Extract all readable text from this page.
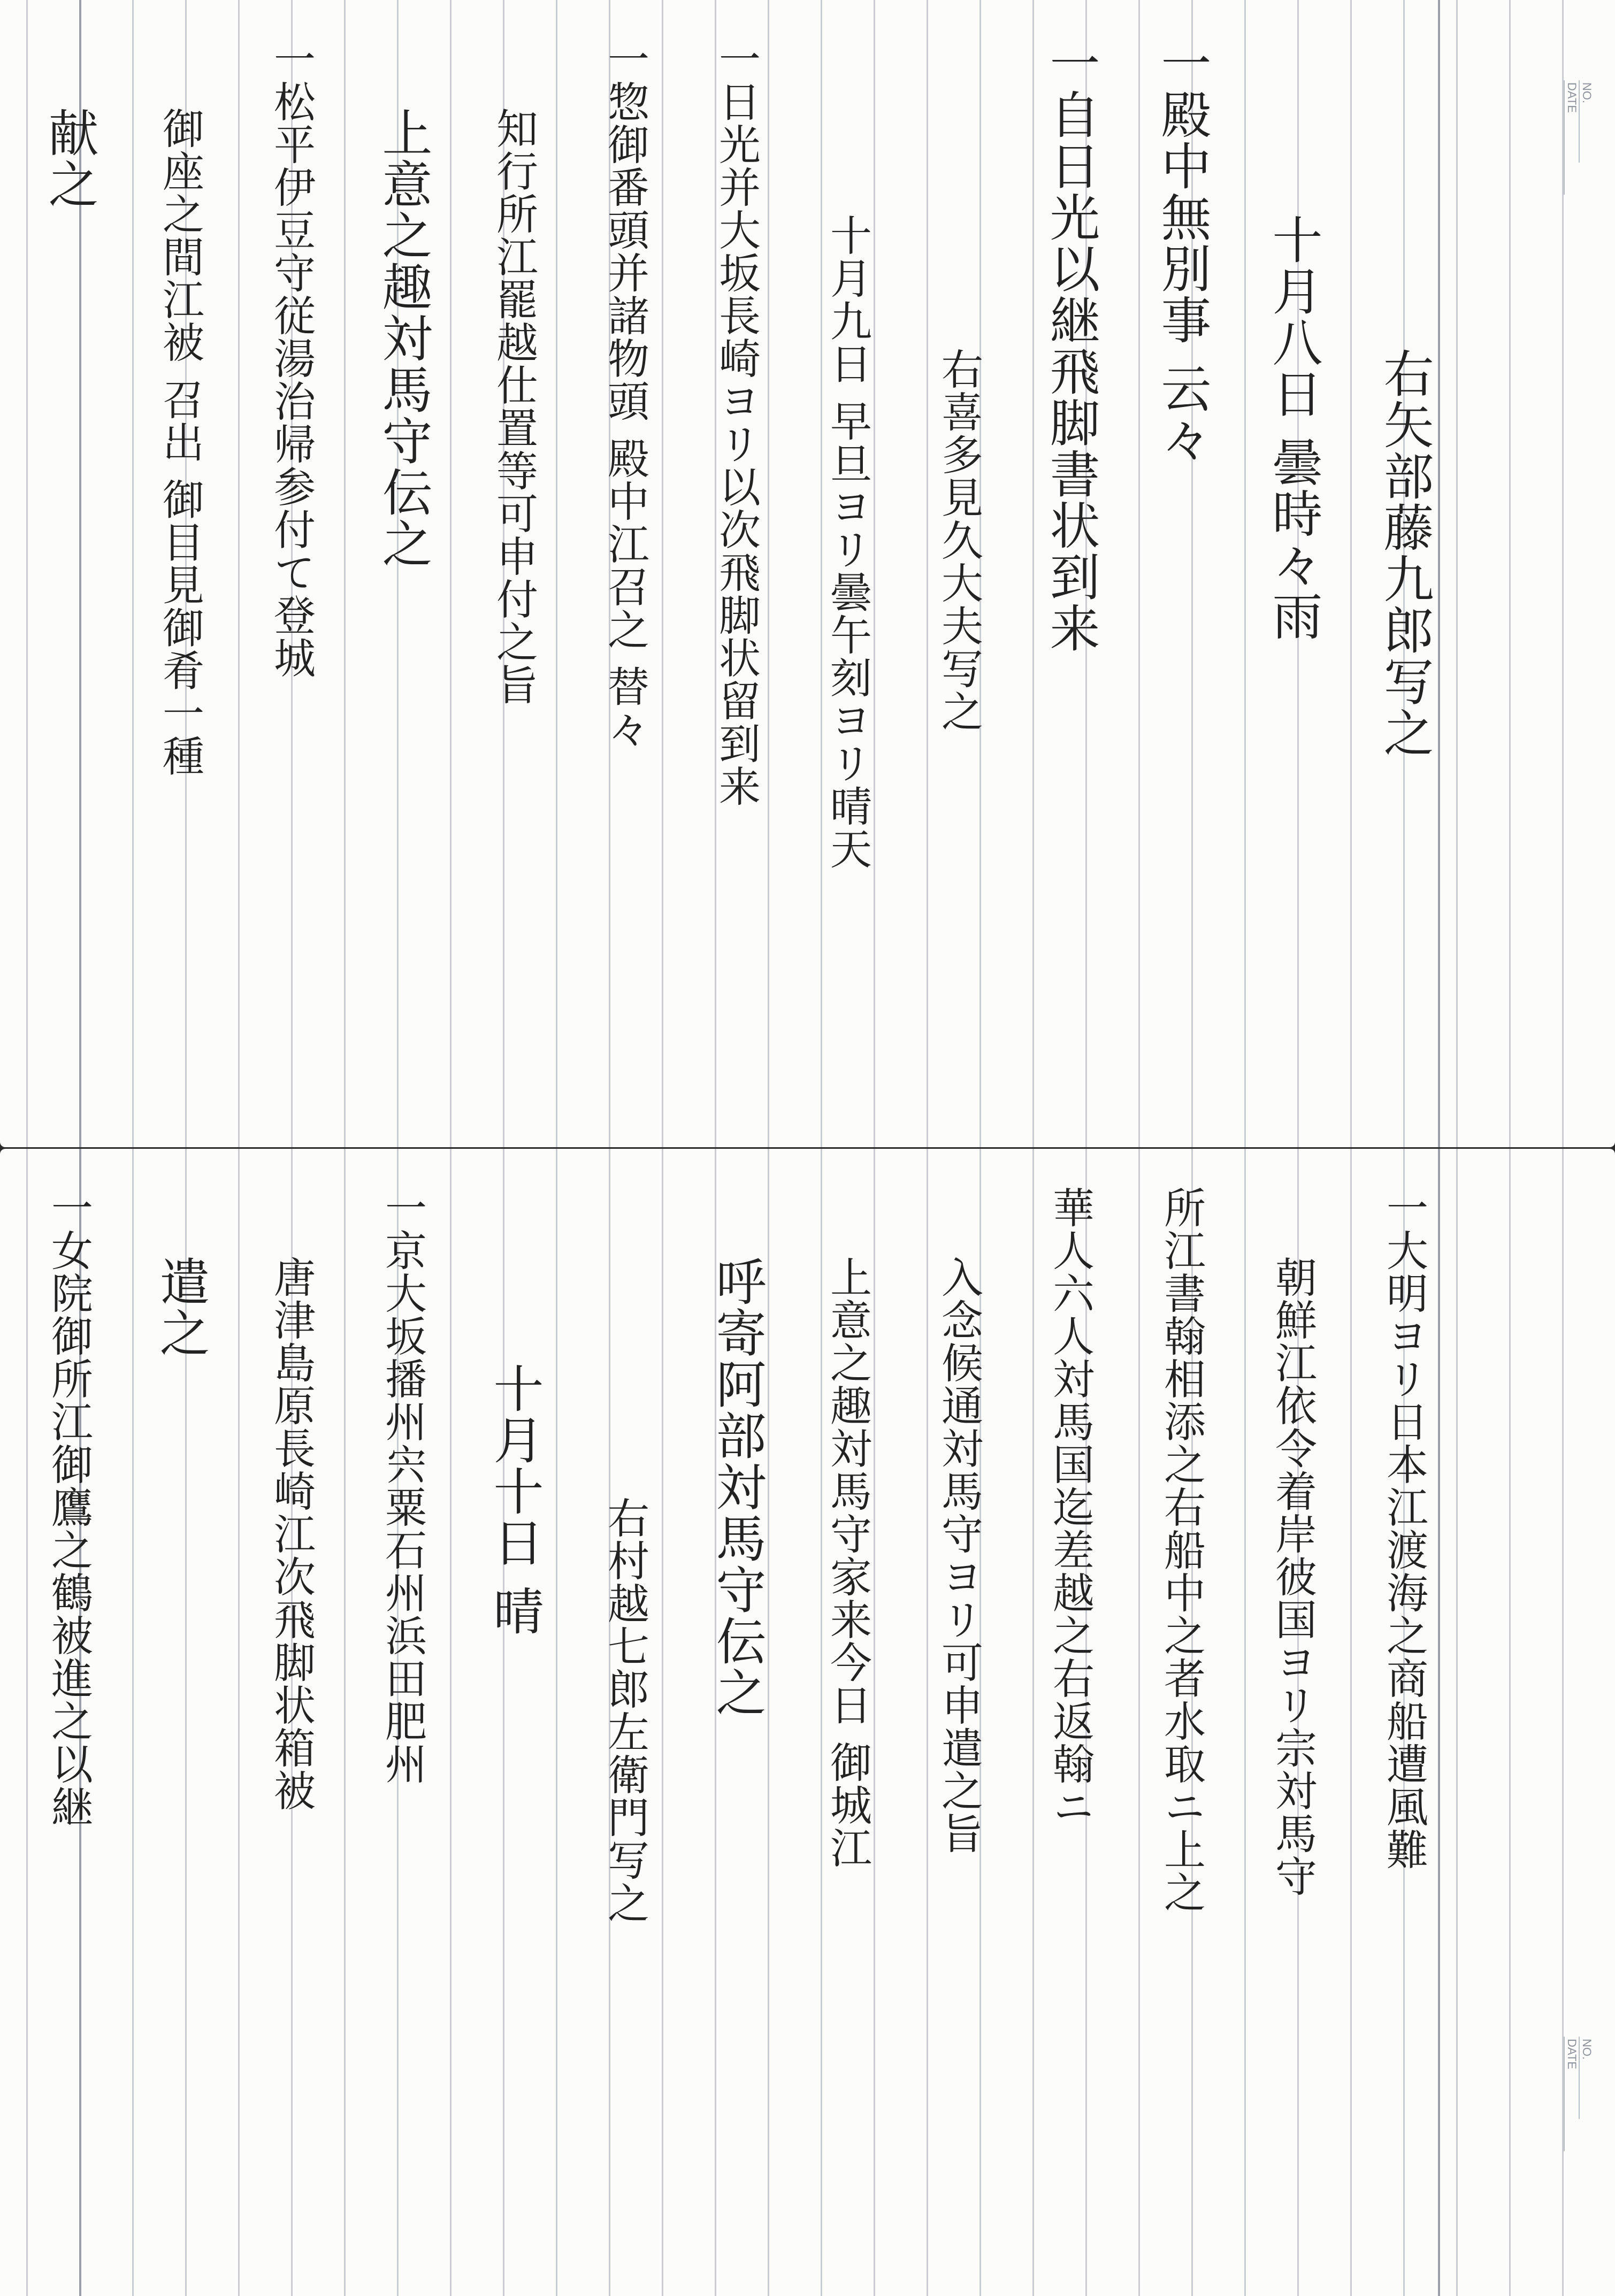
NO.
DATE
右矢部藤九郎写之
十月八日 曇時々雨
一殿中無別事 云々
一自日光以継飛脚書状到来
右喜多見久大夫写之
十月九日 早旦ヨリ曇午刻ヨリ晴天
一日光并大坂長崎ヨリ以次飛脚状留到来
一惣御番頭并諸物頭 殿中江召之 替々
知行所江罷越仕置等可申付之旨
上意之趣対馬守伝之
一松平伊豆守従湯治帰参付て登城
御座之間江被 召出 御目見御肴一種
献之
NO.
DATE
一大明ヨリ日本江渡海之商船遭風難
朝鮮江依令着岸彼国ヨリ宗対馬守
所江書翰相添之右船中之者水取ニ上之
華人六人対馬国迄差越之右返翰ニ
入念候通対馬守ヨリ可申遣之旨
上意之趣対馬守家来今日 御城江
呼寄阿部対馬守伝之
右村越七郎左衛門写之
十月十日 晴
一京大坂播州宍粟石州浜田肥州
唐津島原長崎江次飛脚状箱被
遣之
一女院御所江御鷹之鶴被進之以継
